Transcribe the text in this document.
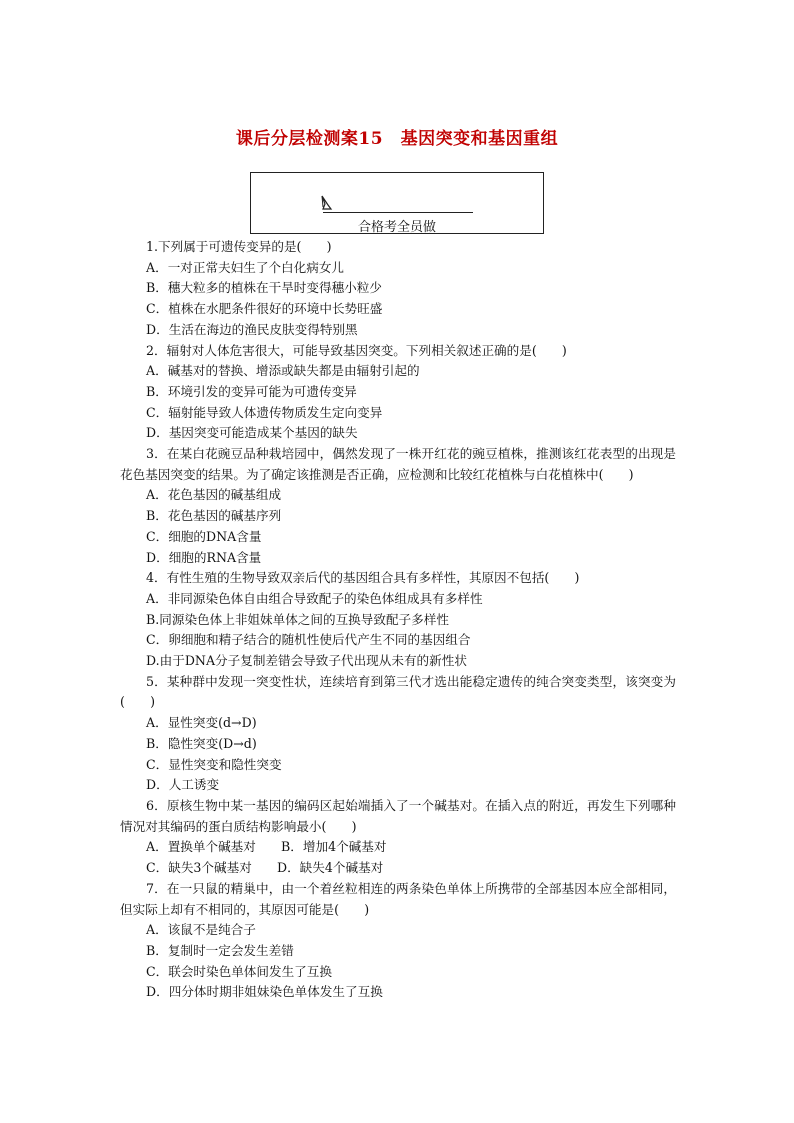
课后分层检测案15　基因突变和基因重组
合格考全员做
1.下列属于可遗传变异的是(　　)
A．一对正常夫妇生了个白化病女儿
B．穗大粒多的植株在干旱时变得穗小粒少
C．植株在水肥条件很好的环境中长势旺盛
D．生活在海边的渔民皮肤变得特别黑
2．辐射对人体危害很大，可能导致基因突变。下列相关叙述正确的是(　　)
A．碱基对的替换、增添或缺失都是由辐射引起的
B．环境引发的变异可能为可遗传变异
C．辐射能导致人体遗传物质发生定向变异
D．基因突变可能造成某个基因的缺失
3．在某白花豌豆品种栽培园中，偶然发现了一株开红花的豌豆植株，推测该红花表型的出现是花色基因突变的结果。为了确定该推测是否正确，应检测和比较红花植株与白花植株中(　　)
A．花色基因的碱基组成
B．花色基因的碱基序列
C．细胞的DNA含量
D．细胞的RNA含量
4．有性生殖的生物导致双亲后代的基因组合具有多样性，其原因不包括(　　)
A．非同源染色体自由组合导致配子的染色体组成具有多样性
B.同源染色体上非姐妹单体之间的互换导致配子多样性
C．卵细胞和精子结合的随机性使后代产生不同的基因组合
D.由于DNA分子复制差错会导致子代出现从未有的新性状
5．某种群中发现一突变性状，连续培育到第三代才选出能稳定遗传的纯合突变类型，该突变为(　　)
A．显性突变(d→D)
B．隐性突变(D→d)
C．显性突变和隐性突变
D．人工诱变
6．原核生物中某一基因的编码区起始端插入了一个碱基对。在插入点的附近，再发生下列哪种情况对其编码的蛋白质结构影响最小(　　)
A．置换单个碱基对　　B．增加4个碱基对
C．缺失3个碱基对　　D．缺失4个碱基对
7．在一只鼠的精巢中，由一个着丝粒相连的两条染色单体上所携带的全部基因本应全部相同，但实际上却有不相同的，其原因可能是(　　)
A．该鼠不是纯合子
B．复制时一定会发生差错
C．联会时染色单体间发生了互换
D．四分体时期非姐妹染色单体发生了互换
